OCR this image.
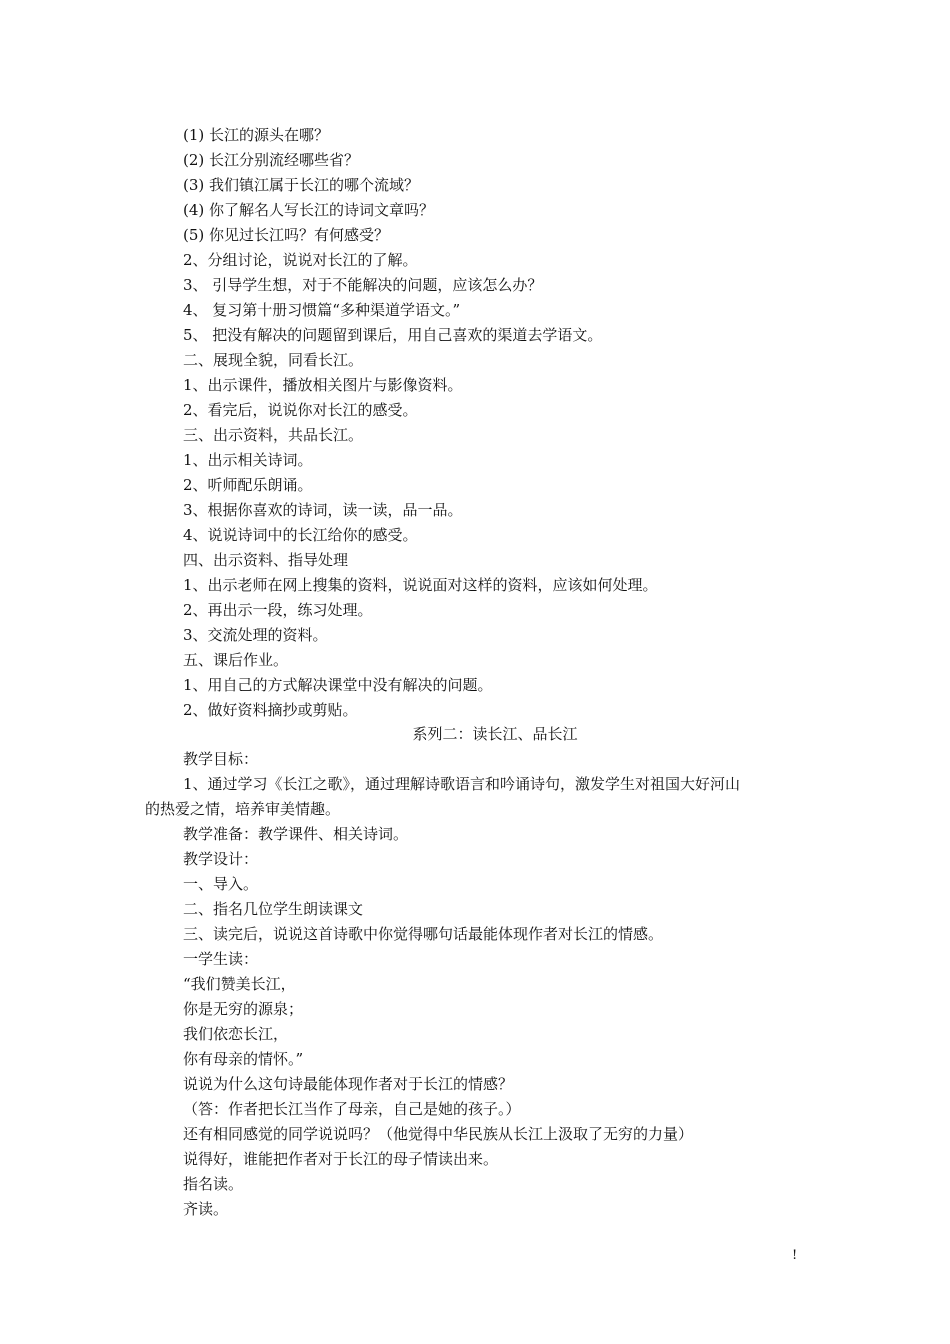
(1) 长江的源头在哪？
(2) 长江分别流经哪些省？
(3) 我们镇江属于长江的哪个流域？
(4) 你了解名人写长江的诗词文章吗？
(5) 你见过长江吗？有何感受？
2、分组讨论，说说对长江的了解。
3、 引导学生想，对于不能解决的问题，应该怎么办？
4、 复习第十册习惯篇“多种渠道学语文。”
5、 把没有解决的问题留到课后，用自己喜欢的渠道去学语文。
二、展现全貌，同看长江。
1、出示课件，播放相关图片与影像资料。
2、看完后，说说你对长江的感受。
三、出示资料，共品长江。
1、出示相关诗词。
2、听师配乐朗诵。
3、根据你喜欢的诗词，读一读，品一品。
4、说说诗词中的长江给你的感受。
四、出示资料、指导处理
1、出示老师在网上搜集的资料，说说面对这样的资料，应该如何处理。
2、再出示一段，练习处理。
3、交流处理的资料。
五、课后作业。
1、用自己的方式解决课堂中没有解决的问题。
2、做好资料摘抄或剪贴。
系列二：读长江、品长江
教学目标：
1、通过学习《长江之歌》，通过理解诗歌语言和吟诵诗句，激发学生对祖国大好河山
的热爱之情，培养审美情趣。
教学准备：教学课件、相关诗词。
教学设计：
一、导入。
二、指名几位学生朗读课文
三、读完后，说说这首诗歌中你觉得哪句话最能体现作者对长江的情感。
一学生读：
“我们赞美长江，
你是无穷的源泉；
我们依恋长江，
你有母亲的情怀。”
说说为什么这句诗最能体现作者对于长江的情感？
（答：作者把长江当作了母亲，自己是她的孩子。）
还有相同感觉的同学说说吗？（他觉得中华民族从长江上汲取了无穷的力量）
说得好，谁能把作者对于长江的母子情读出来。
指名读。
齐读。
!
